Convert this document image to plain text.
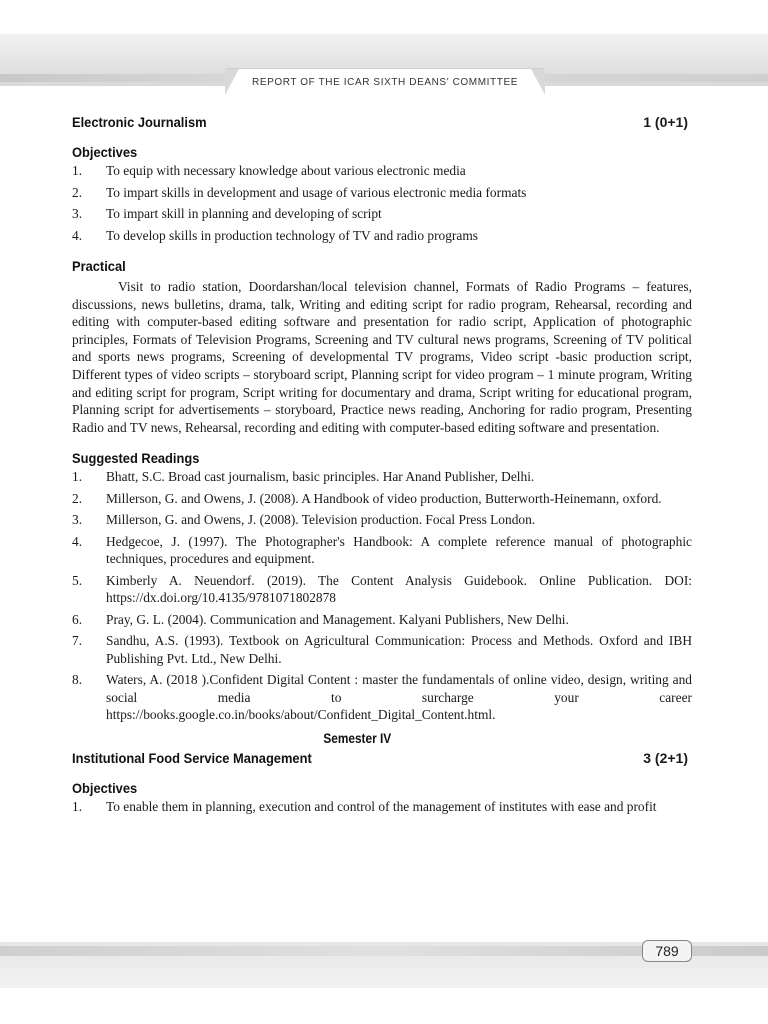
REPORT OF THE ICAR SIXTH DEANS' COMMITTEE
Electronic Journalism	1 (0+1)
Objectives
1.	To equip with necessary knowledge about various electronic media
2.	To impart skills in development and usage of various electronic media formats
3.	To impart skill in planning and developing of script
4.	To develop skills in production technology of TV and radio programs
Practical
Visit to radio station, Doordarshan/local television channel, Formats of Radio Programs – features, discussions, news bulletins, drama, talk, Writing and editing script for radio program, Rehearsal, recording and editing with computer-based editing software and presentation for radio script, Application of photographic principles, Formats of Television Programs, Screening and TV cultural news programs, Screening of TV political and sports news programs, Screening of developmental TV programs, Video script -basic production script, Different types of video scripts – storyboard script, Planning script for video program – 1 minute program, Writing and editing script for program, Script writing for documentary and drama, Script writing for educational program, Planning script for advertisements – storyboard, Practice news reading, Anchoring for radio program, Presenting Radio and TV news, Rehearsal, recording and editing with computer-based editing software and presentation.
Suggested Readings
1.	Bhatt, S.C. Broad cast journalism, basic principles. Har Anand Publisher, Delhi.
2.	Millerson, G. and Owens, J. (2008). A Handbook of video production, Butterworth-Heinemann, oxford.
3.	Millerson, G. and Owens, J. (2008). Television production. Focal Press London.
4.	Hedgecoe, J. (1997). The Photographer's Handbook: A complete reference manual of photographic techniques, procedures and equipment.
5.	Kimberly A. Neuendorf. (2019). The Content Analysis Guidebook. Online Publication. DOI: https://dx.doi.org/10.4135/9781071802878
6.	Pray, G. L. (2004). Communication and Management. Kalyani Publishers, New Delhi.
7.	Sandhu, A.S. (1993). Textbook on Agricultural Communication: Process and Methods. Oxford and IBH Publishing Pvt. Ltd., New Delhi.
8.	Waters, A. (2018 ).Confident Digital Content : master the fundamentals of online video, design, writing and social media to surcharge your career https://books.google.co.in/books/about/Confident_Digital_Content.html.
Semester IV
Institutional Food Service Management	3 (2+1)
Objectives
1.	To enable them in planning, execution and control of the management of institutes with ease and profit
789
